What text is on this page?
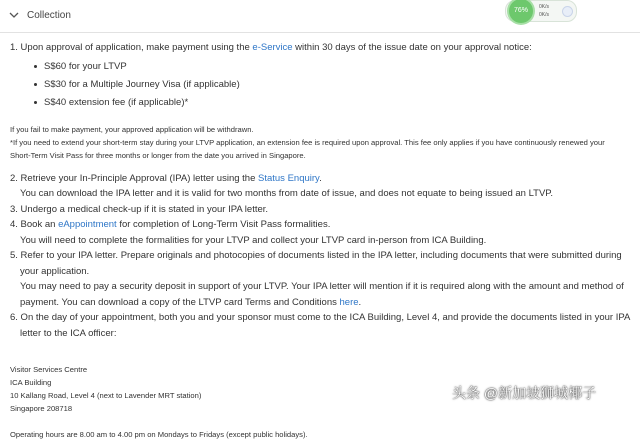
Collection	76%	0K/s
0K/s
1. Upon approval of application, make payment using the e-Service within 30 days of the issue date on your approval notice:
S$60 for your LTVP
S$30 for a Multiple Journey Visa (if applicable)
S$40 extension fee (if applicable)*
If you fail to make payment, your approved application will be withdrawn.
*If you need to extend your short-term stay during your LTVP application, an extension fee is required upon approval. This fee only applies if you have continuously renewed your
Short-Term Visit Pass for three months or longer from the date you arrived in Singapore.
2. Retrieve your In-Principle Approval (IPA) letter using the Status Enquiry.
You can download the IPA letter and it is valid for two months from date of issue, and does not equate to being issued an LTVP.
3. Undergo a medical check-up if it is stated in your IPA letter.
4. Book an eAppointment for completion of Long-Term Visit Pass formalities.
You will need to complete the formalities for your LTVP and collect your LTVP card in-person from ICA Building.
5. Refer to your IPA letter. Prepare originals and photocopies of documents listed in the IPA letter, including documents that were submitted during
your application.
You may need to pay a security deposit in support of your LTVP. Your IPA letter will mention if it is required along with the amount and method of
payment. You can download a copy of the LTVP card Terms and Conditions here.
6. On the day of your appointment, both you and your sponsor must come to the ICA Building, Level 4, and provide the documents listed in your IPA
letter to the ICA officer:
Visitor Services Centre
ICA Building
10 Kallang Road, Level 4 (next to Lavender MRT station)
Singapore 208718
Operating hours are 8.00 am to 4.00 pm on Mondays to Fridays (except public holidays).
头条 @新加坡狮城椰子
